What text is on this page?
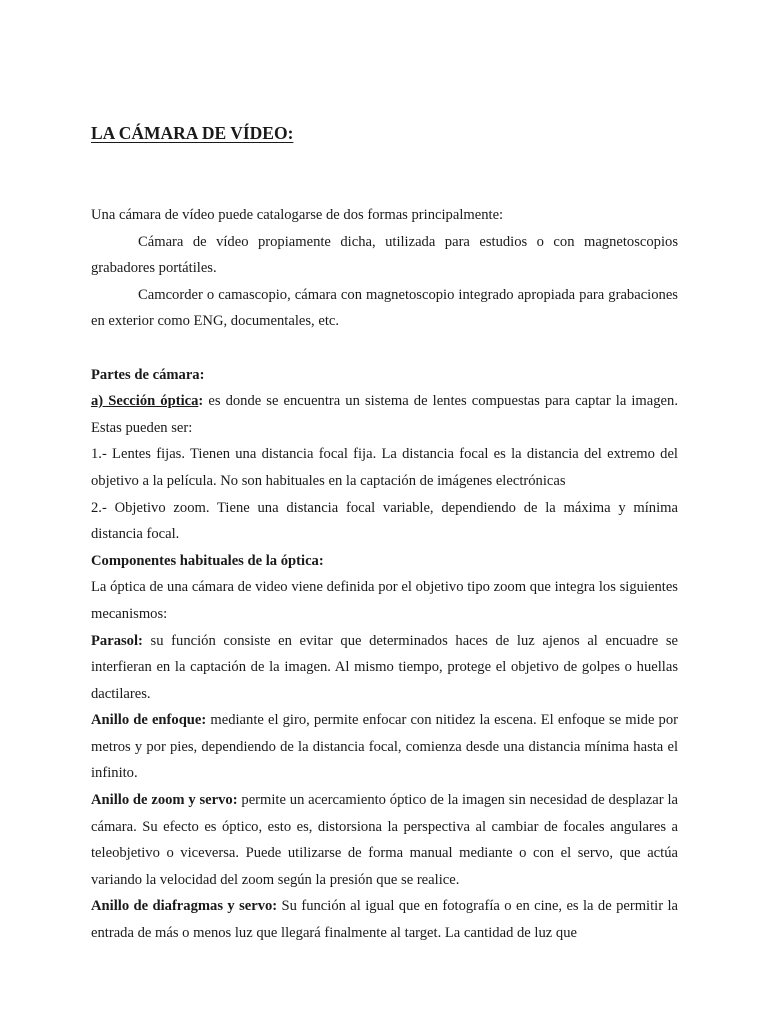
LA CÁMARA DE VÍDEO:

Una cámara de vídeo puede catalogarse de dos formas principalmente:

Cámara de vídeo propiamente dicha, utilizada para estudios o con magnetoscopios grabadores portátiles.

Camcorder o camascopio, cámara con magnetoscopio integrado apropiada para grabaciones en exterior como ENG, documentales, etc.

Partes de cámara:

a) Sección óptica: es donde se encuentra un sistema de lentes compuestas para captar la imagen. Estas pueden ser:

1.- Lentes fijas. Tienen una distancia focal fija. La distancia focal es la distancia del extremo del objetivo a la película. No son habituales en la captación de imágenes electrónicas

2.- Objetivo zoom. Tiene una distancia focal variable, dependiendo de la máxima y mínima distancia focal.

Componentes habituales de la óptica:

La óptica de una cámara de video viene definida por el objetivo tipo zoom que integra los siguientes mecanismos:

Parasol: su función consiste en evitar que determinados haces de luz ajenos al encuadre se interfieran en la captación de la imagen. Al mismo tiempo, protege el objetivo de golpes o huellas dactilares.

Anillo de enfoque: mediante el giro, permite enfocar con nitidez la escena. El enfoque se mide por metros y por pies, dependiendo de la distancia focal, comienza desde una distancia mínima hasta el infinito.

Anillo de zoom y servo: permite un acercamiento óptico de la imagen sin necesidad de desplazar la cámara. Su efecto es óptico, esto es, distorsiona la perspectiva al cambiar de focales angulares a teleobjetivo o viceversa. Puede utilizarse de forma manual mediante o con el servo, que actúa variando la velocidad del zoom según la presión que se realice.

Anillo de diafragmas y servo: Su función al igual que en fotografía o en cine, es la de permitir la entrada de más o menos luz que llegará finalmente al target. La cantidad de luz que
